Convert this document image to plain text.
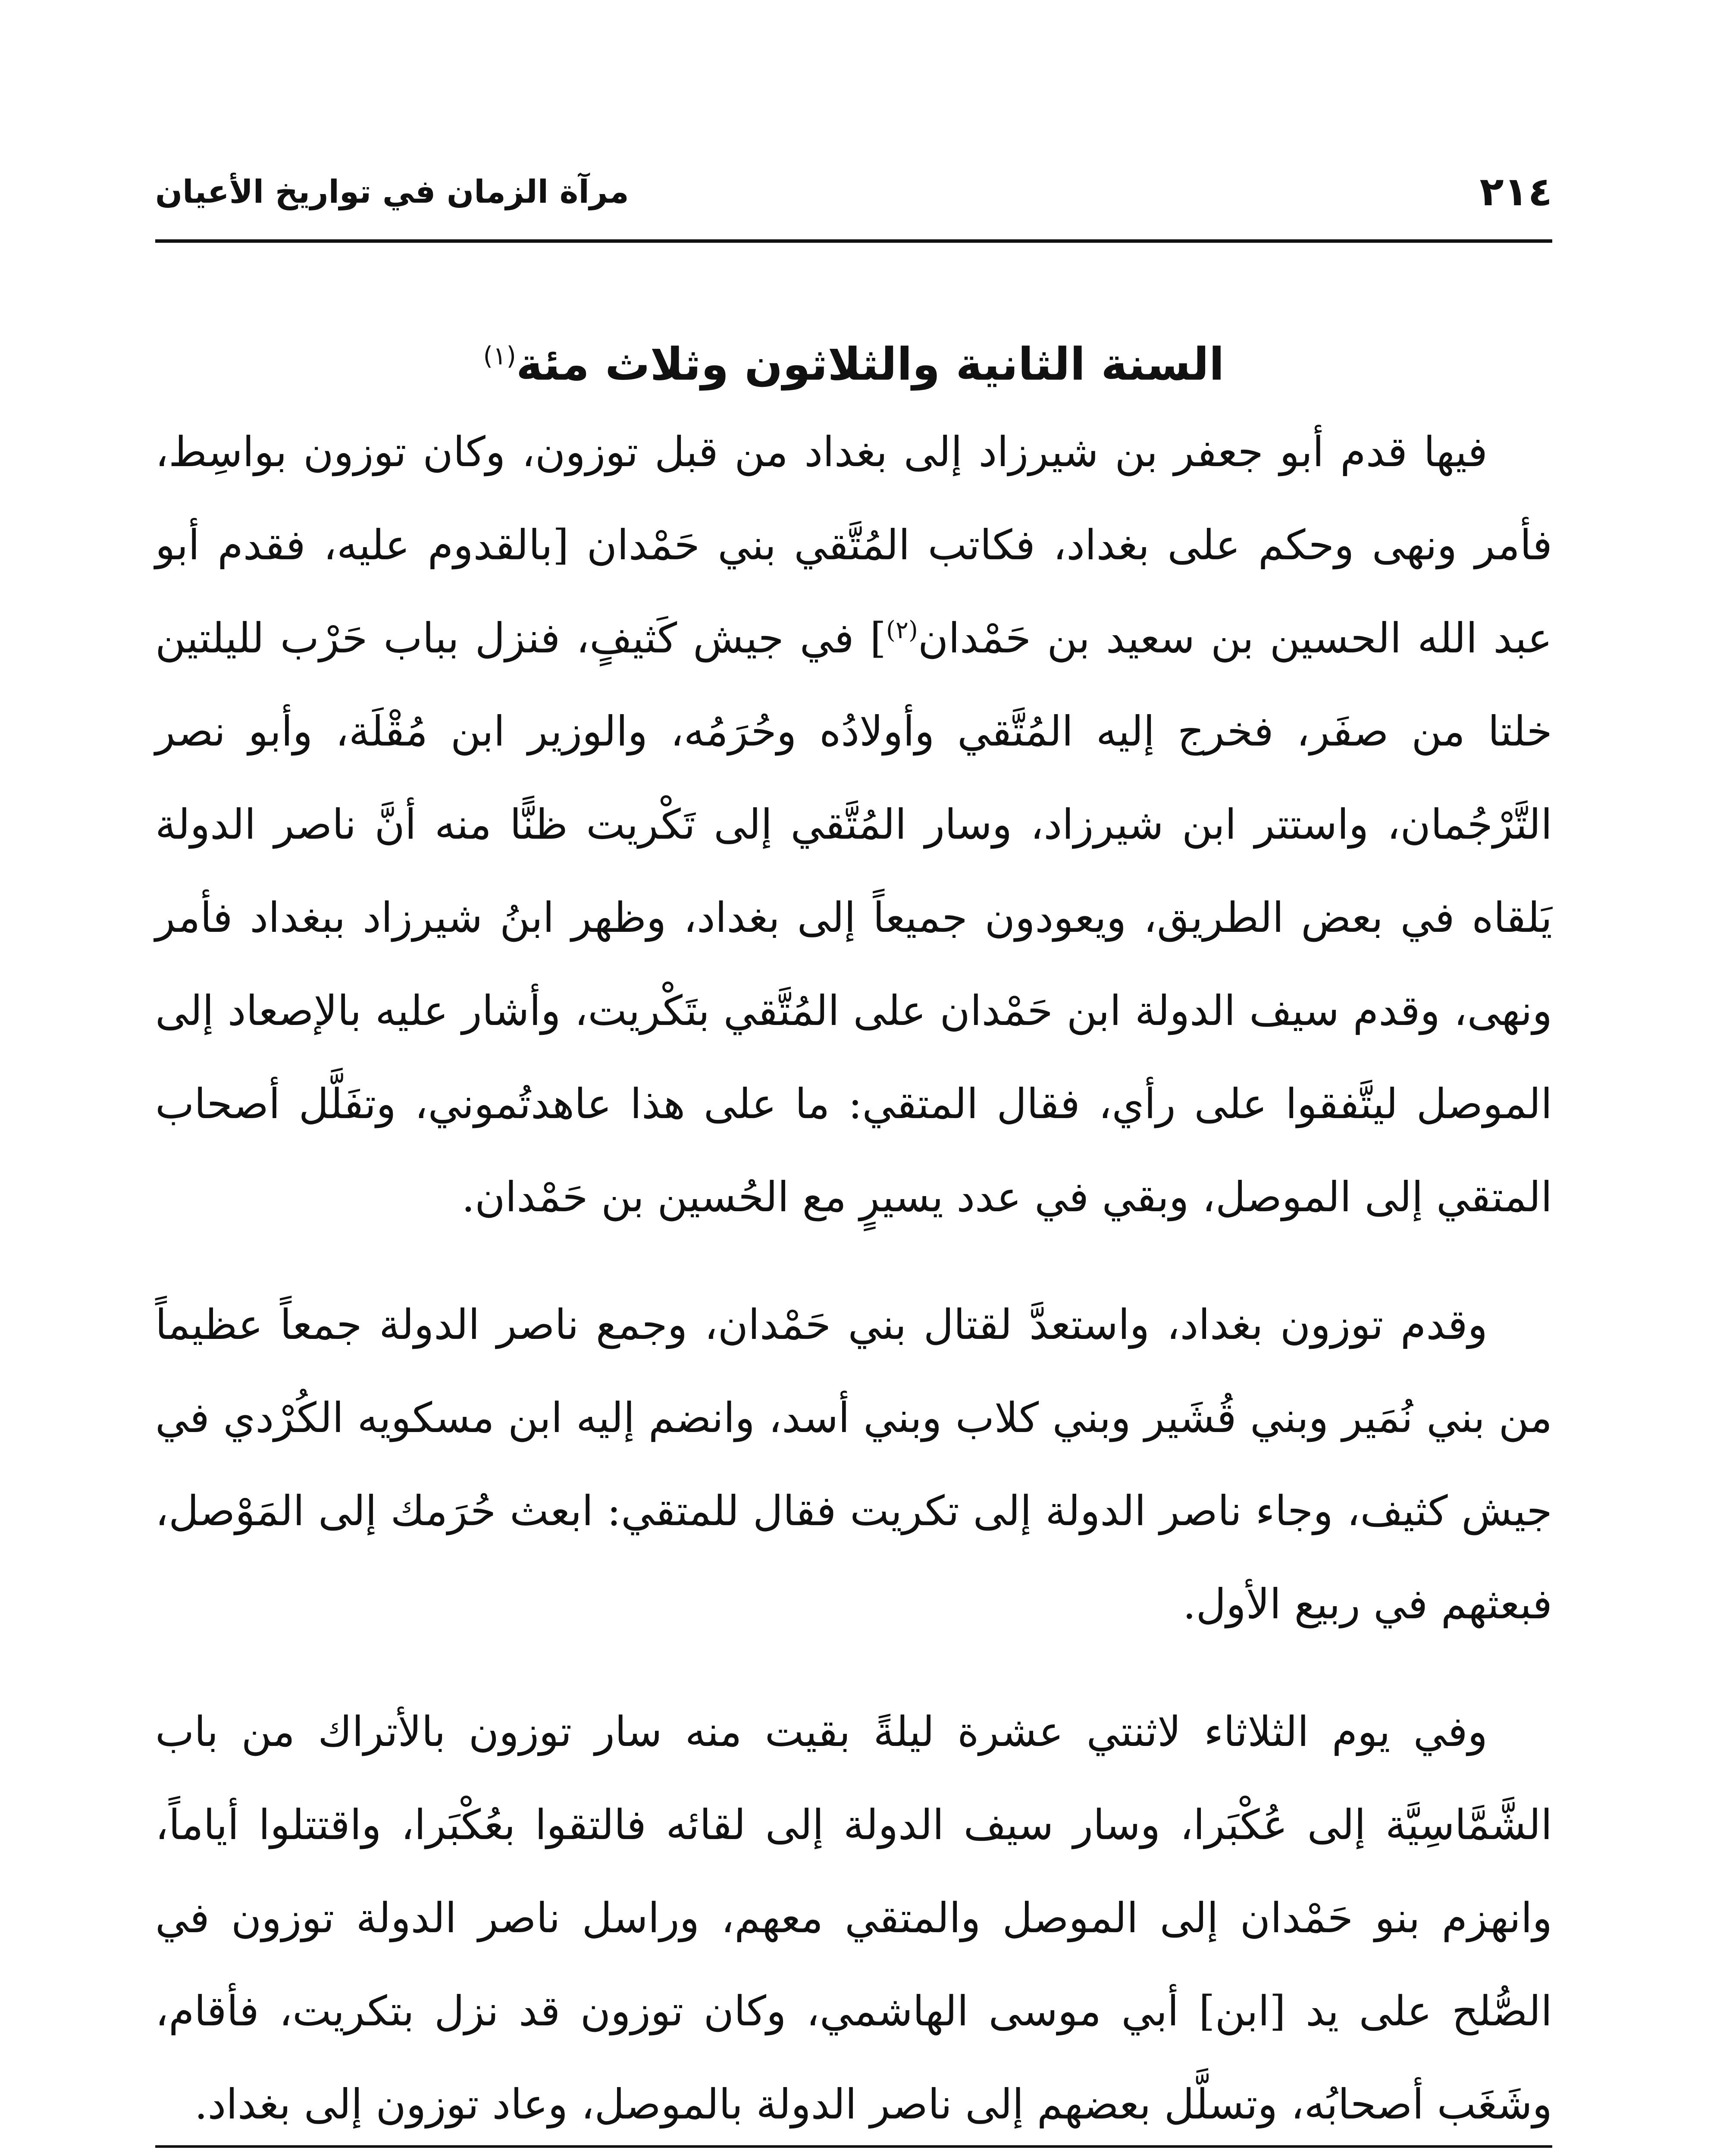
٢١٤
مرآة الزمان في تواريخ الأعيان
السنة الثانية والثلاثون وثلاث مئة$^{(١)}$

فيها قدم أبو جعفر بن شيرزاد إلى بغداد من قبل توزون، وكان توزون بواسِط، فأمر ونهى وحكم على بغداد، فكاتب المُتَّقي بني حَمْدان [بالقدوم عليه، فقدم أبو عبد الله الحسين بن سعيد بن حَمْدان$^{(٢)}$] في جيش كَثيفٍ، فنزل بباب حَرْب لليلتين خلتا من صفَر، فخرج إليه المُتَّقي وأولادُه وحُرَمُه، والوزير ابن مُقْلَة، وأبو نصر التَّرْجُمان، واستتر ابن شيرزاد، وسار المُتَّقي إلى تَكْريت ظنًّا منه أنَّ ناصر الدولة يَلقاه في بعض الطريق، ويعودون جميعاً إلى بغداد، وظهر ابنُ شيرزاد ببغداد فأمر ونهى، وقدم سيف الدولة ابن حَمْدان على المُتَّقي بتَكْريت، وأشار عليه بالإصعاد إلى الموصل ليتَّفقوا على رأي، فقال المتقي: ما على هذا عاهدتُموني، وتفَلَّل أصحاب المتقي إلى الموصل، وبقي في عدد يسيرٍ مع الحُسين بن حَمْدان.

وقدم توزون بغداد، واستعدَّ لقتال بني حَمْدان، وجمع ناصر الدولة جمعاً عظيماً من بني نُمَير وبني قُشَير وبني كلاب وبني أسد، وانضم إليه ابن مسكويه الكُرْدي في جيش كثيف، وجاء ناصر الدولة إلى تكريت فقال للمتقي: ابعث حُرَمك إلى المَوْصل، فبعثهم في ربيع الأول.

وفي يوم الثلاثاء لاثنتي عشرة ليلةً بقيت منه سار توزون بالأتراك من باب الشَّمَّاسِيَّة إلى عُكْبَرا، وسار سيف الدولة إلى لقائه فالتقوا بعُكْبَرا، واقتتلوا أياماً، وانهزم بنو حَمْدان إلى الموصل والمتقي معهم، وراسل ناصر الدولة توزون في الصُّلح على يد [ابن] أبي موسى الهاشمي، وكان توزون قد نزل بتكريت، فأقام، وشَغَب أصحابُه، وتسلَّل بعضهم إلى ناصر الدولة بالموصل، وعاد توزون إلى بغداد.
